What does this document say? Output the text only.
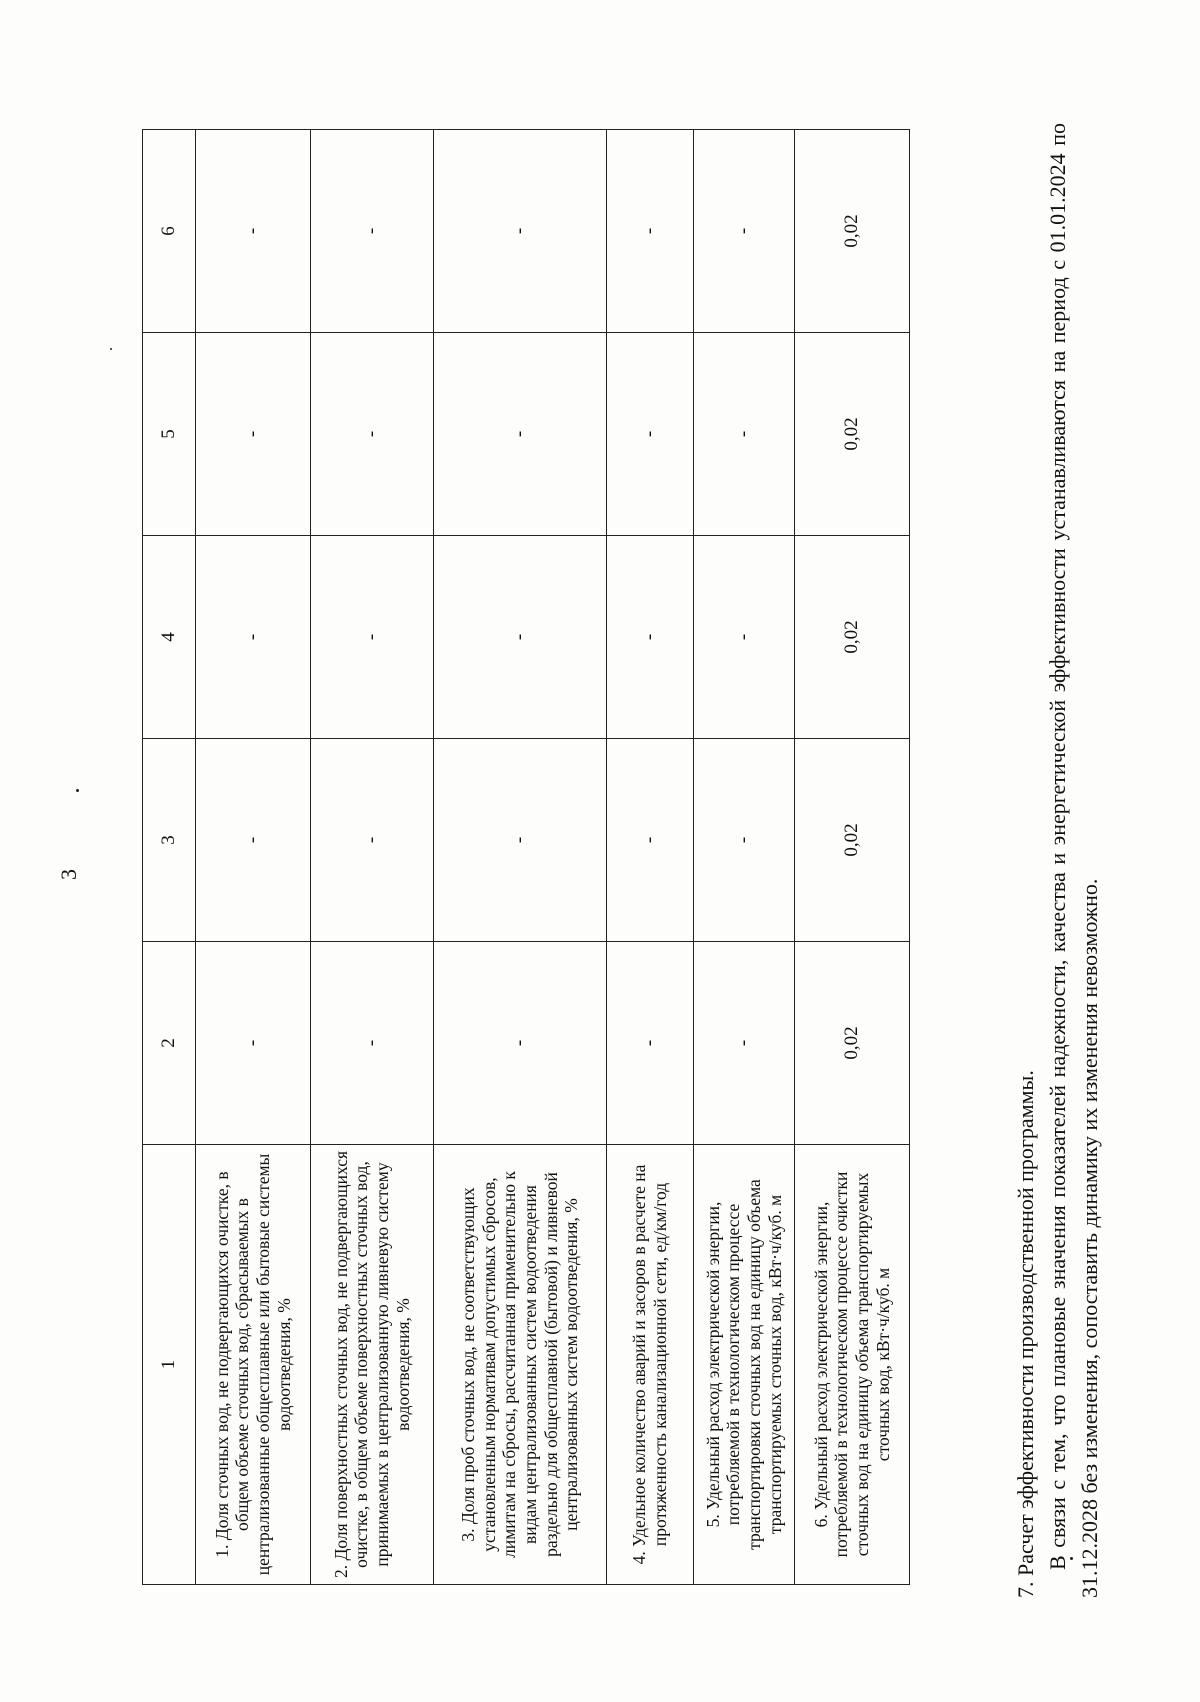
3
1	2	3	4	5	6
1. Доля сточных вод, не подвергающихся очистке, в общем объеме сточных вод, сбрасываемых в централизованные общесплавные или бытовые системы водоотведения, %	-	-	-	-	-
2. Доля поверхностных сточных вод, не подвергающихся очистке, в общем объеме поверхностных сточных вод, принимаемых в централизованную ливневую систему водоотведения, %	-	-	-	-	-
3. Доля проб сточных вод, не соответствующих установленным нормативам допустимых сбросов, лимитам на сбросы, рассчитанная применительно к видам централизованных систем водоотведения раздельно для общесплавной (бытовой) и ливневой централизованных систем водоотведения, %	-	-	-	-	-
4. Удельное количество аварий и засоров в расчете на протяженность канализационной сети, ед/км/год	-	-	-	-	-
5. Удельный расход электрической энергии, потребляемой в технологическом процессе транспортировки сточных вод на единицу объема транспортируемых сточных вод, кВт·ч/куб. м	-	-	-	-	-
6. Удельный расход электрической энергии, потребляемой в технологическом процессе очистки сточных вод на единицу объема транспортируемых сточных вод, кВт·ч/куб. м	0,02	0,02	0,02	0,02	0,02

7. Расчет эффективности производственной программы. В связи с тем, что плановые значения показателей надежности, качества и энергетической эффективности устанавливаются на период с 01.01.2024 по 31.12.2028 без изменения, сопоставить динамику их изменения невозможно.
